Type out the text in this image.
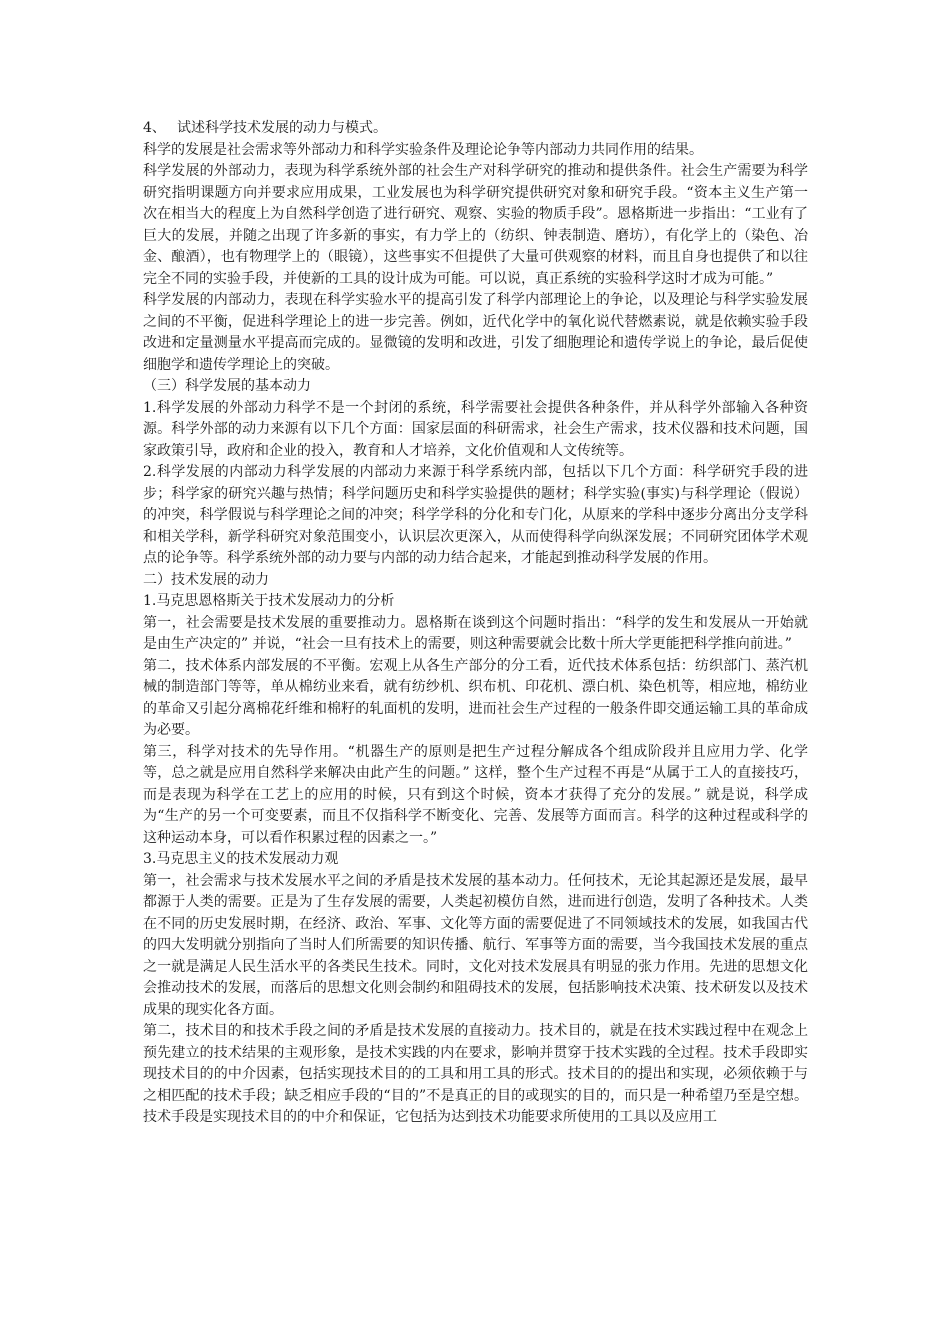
4、 试述科学技术发展的动力与模式。

科学的发展是社会需求等外部动力和科学实验条件及理论论争等内部动力共同作用的结果。

科学发展的外部动力，表现为科学系统外部的社会生产对科学研究的推动和提供条件。社会生产需要为科学研究指明课题方向并要求应用成果，工业发展也为科学研究提供研究对象和研究手段。“资本主义生产第一次在相当大的程度上为自然科学创造了进行研究、观察、实验的物质手段”。恩格斯进一步指出：“工业有了巨大的发展，并随之出现了许多新的事实，有力学上的（纺织、钟表制造、磨坊），有化学上的（染色、冶金、酿酒），也有物理学上的（眼镜），这些事实不但提供了大量可供观察的材料，而且自身也提供了和以往完全不同的实验手段，并使新的工具的设计成为可能。可以说，真正系统的实验科学这时才成为可能。”

科学发展的内部动力，表现在科学实验水平的提高引发了科学内部理论上的争论，以及理论与科学实验发展之间的不平衡，促进科学理论上的进一步完善。例如，近代化学中的氧化说代替燃素说，就是依赖实验手段改进和定量测量水平提高而完成的。显微镜的发明和改进，引发了细胞理论和遗传学说上的争论，最后促使细胞学和遗传学理论上的突破。

（三）科学发展的基本动力

1.科学发展的外部动力科学不是一个封闭的系统，科学需要社会提供各种条件，并从科学外部输入各种资源。科学外部的动力来源有以下几个方面：国家层面的科研需求，社会生产需求，技术仪器和技术问题，国家政策引导，政府和企业的投入，教育和人才培养，文化价值观和人文传统等。

2.科学发展的内部动力科学发展的内部动力来源于科学系统内部，包括以下几个方面：科学研究手段的进步；科学家的研究兴趣与热情；科学问题历史和科学实验提供的题材；科学实验(事实)与科学理论（假说）的冲突，科学假说与科学理论之间的冲突；科学学科的分化和专门化，从原来的学科中逐步分离出分支学科和相关学科，新学科研究对象范围变小，认识层次更深入，从而使得科学向纵深发展；不同研究团体学术观点的论争等。科学系统外部的动力要与内部的动力结合起来，才能起到推动科学发展的作用。

二）技术发展的动力

1.马克思恩格斯关于技术发展动力的分析

第一，社会需要是技术发展的重要推动力。恩格斯在谈到这个问题时指出：“科学的发生和发展从一开始就是由生产决定的” 并说，“社会一旦有技术上的需要，则这种需要就会比数十所大学更能把科学推向前进。”

第二，技术体系内部发展的不平衡。宏观上从各生产部分的分工看，近代技术体系包括：纺织部门、蒸汽机械的制造部门等等，单从棉纺业来看，就有纺纱机、织布机、印花机、漂白机、染色机等，相应地，棉纺业的革命又引起分离棉花纤维和棉籽的轧面机的发明，进而社会生产过程的一般条件即交通运输工具的革命成为必要。

第三，科学对技术的先导作用。“机器生产的原则是把生产过程分解成各个组成阶段并且应用力学、化学等，总之就是应用自然科学来解决由此产生的问题。” 这样，整个生产过程不再是“从属于工人的直接技巧，而是表现为科学在工艺上的应用的时候，只有到这个时候，资本才获得了充分的发展。” 就是说，科学成为“生产的另一个可变要素，而且不仅指科学不断变化、完善、发展等方面而言。科学的这种过程或科学的这种运动本身，可以看作积累过程的因素之一。”

3.马克思主义的技术发展动力观

第一，社会需求与技术发展水平之间的矛盾是技术发展的基本动力。任何技术，无论其起源还是发展，最早都源于人类的需要。正是为了生存发展的需要，人类起初模仿自然，进而进行创造，发明了各种技术。人类在不同的历史发展时期，在经济、政治、军事、文化等方面的需要促进了不同领域技术的发展，如我国古代的四大发明就分别指向了当时人们所需要的知识传播、航行、军事等方面的需要，当今我国技术发展的重点之一就是满足人民生活水平的各类民生技术。同时，文化对技术发展具有明显的张力作用。先进的思想文化会推动技术的发展，而落后的思想文化则会制约和阻碍技术的发展，包括影响技术决策、技术研发以及技术成果的现实化各方面。

第二，技术目的和技术手段之间的矛盾是技术发展的直接动力。技术目的，就是在技术实践过程中在观念上预先建立的技术结果的主观形象，是技术实践的内在要求，影响并贯穿于技术实践的全过程。技术手段即实现技术目的的中介因素，包括实现技术目的的工具和用工具的形式。技术目的的提出和实现，必须依赖于与之相匹配的技术手段；缺乏相应手段的“目的”不是真正的目的或现实的目的，而只是一种希望乃至是空想。技术手段是实现技术目的的中介和保证，它包括为达到技术功能要求所使用的工具以及应用工
